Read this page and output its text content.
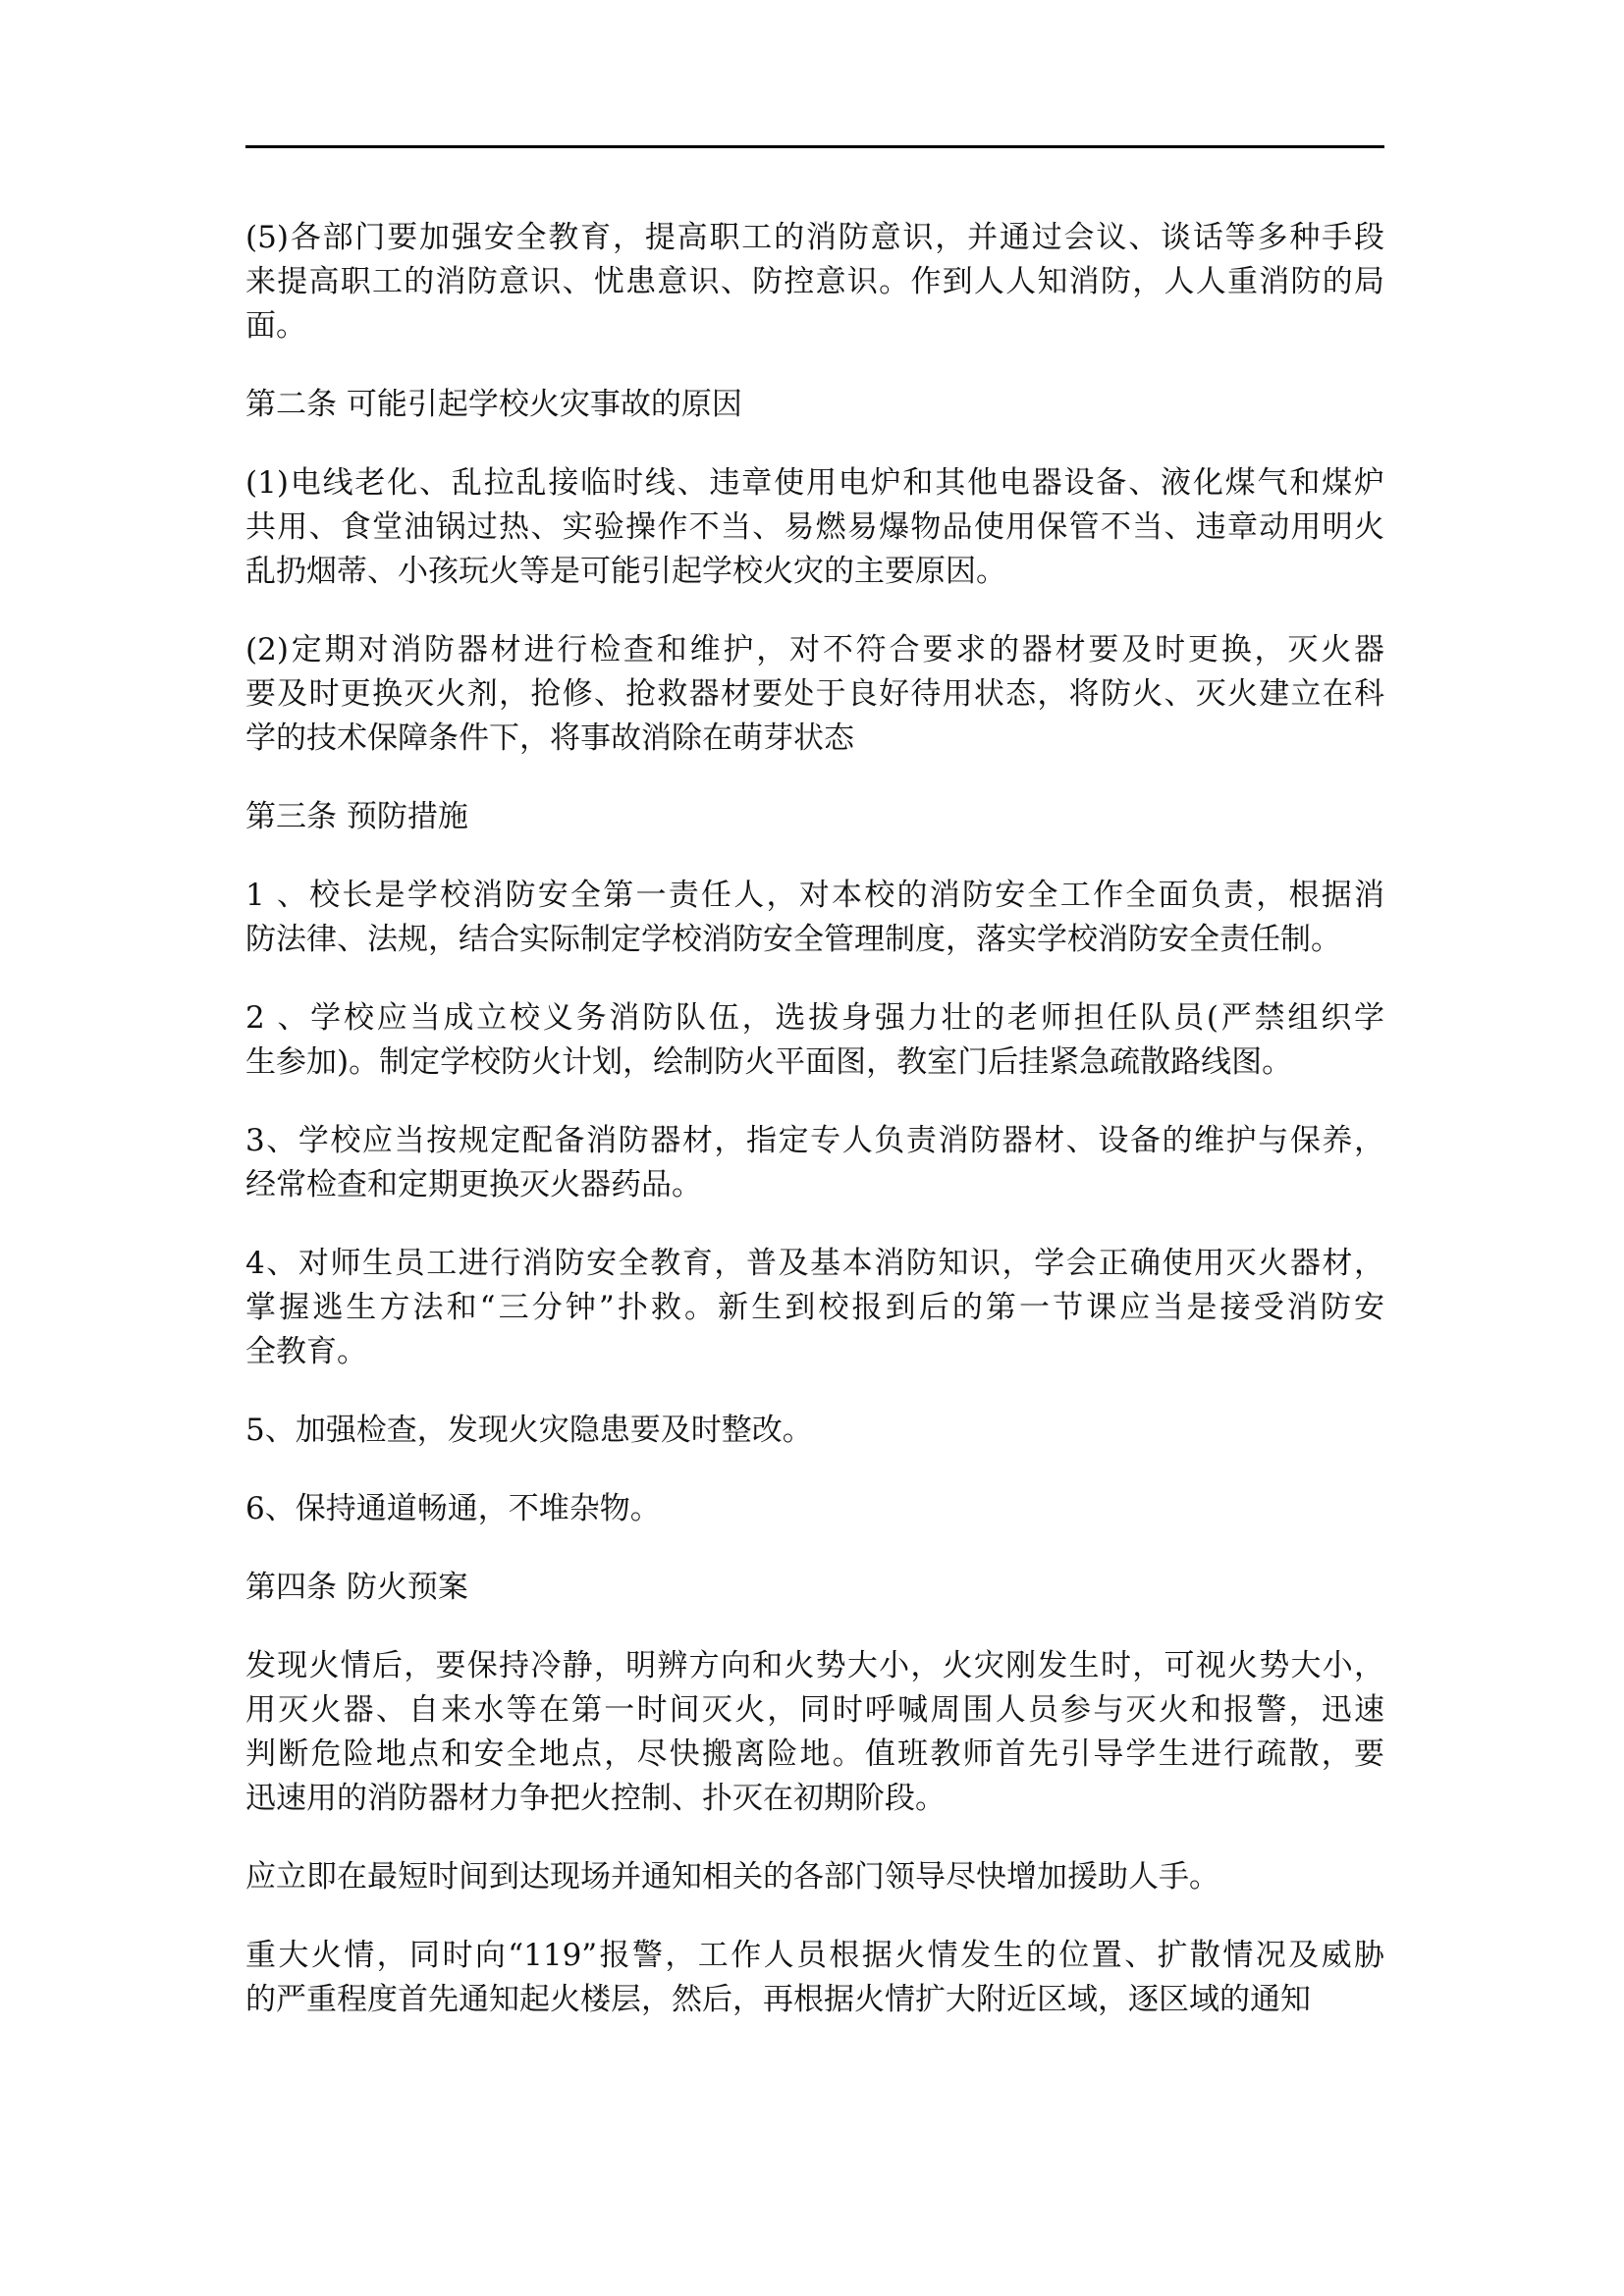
(5)各部门要加强安全教育，提高职工的消防意识，并通过会议、谈话等多种手段
来提高职工的消防意识、忧患意识、防控意识。作到人人知消防，人人重消防的局
面。
第二条 可能引起学校火灾事故的原因
(1)电线老化、乱拉乱接临时线、违章使用电炉和其他电器设备、液化煤气和煤炉
共用、食堂油锅过热、实验操作不当、易燃易爆物品使用保管不当、违章动用明火
乱扔烟蒂、小孩玩火等是可能引起学校火灾的主要原因。
(2)定期对消防器材进行检查和维护，对不符合要求的器材要及时更换，灭火器
要及时更换灭火剂，抢修、抢救器材要处于良好待用状态，将防火、灭火建立在科
学的技术保障条件下，将事故消除在萌芽状态
第三条 预防措施
1 、校长是学校消防安全第一责任人，对本校的消防安全工作全面负责，根据消
防法律、法规，结合实际制定学校消防安全管理制度，落实学校消防安全责任制。
2 、学校应当成立校义务消防队伍，选拔身强力壮的老师担任队员(严禁组织学
生参加)。制定学校防火计划，绘制防火平面图，教室门后挂紧急疏散路线图。
3、学校应当按规定配备消防器材，指定专人负责消防器材、设备的维护与保养，
经常检查和定期更换灭火器药品。
4、对师生员工进行消防安全教育，普及基本消防知识，学会正确使用灭火器材，
掌握逃生方法和“三分钟”扑救。新生到校报到后的第一节课应当是接受消防安
全教育。
5、加强检查，发现火灾隐患要及时整改。
6、保持通道畅通，不堆杂物。
第四条 防火预案
发现火情后，要保持冷静，明辨方向和火势大小，火灾刚发生时，可视火势大小，
用灭火器、自来水等在第一时间灭火，同时呼喊周围人员参与灭火和报警，迅速
判断危险地点和安全地点，尽快搬离险地。值班教师首先引导学生进行疏散，要
迅速用的消防器材力争把火控制、扑灭在初期阶段。
应立即在最短时间到达现场并通知相关的各部门领导尽快增加援助人手。
重大火情，同时向“119”报警，工作人员根据火情发生的位置、扩散情况及威胁
的严重程度首先通知起火楼层，然后，再根据火情扩大附近区域，逐区域的通知
